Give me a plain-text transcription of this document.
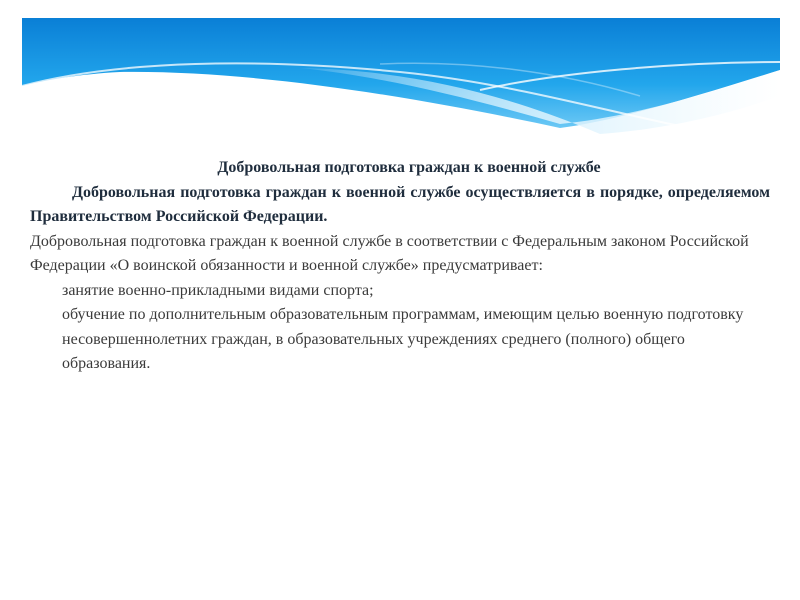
Добровольная подготовка граждан к военной службе

Добровольная подготовка граждан к военной службе осуществляется в порядке, определяемом Правительством Российской Федерации.

Добровольная подготовка граждан к военной службе в соответствии с Федеральным законом Российской Федерации «О воинской обязанности и военной службе» предусматривает:

занятие военно-прикладными видами спорта;
обучение по дополнительным образовательным программам, имеющим целью военную подготовку несовершеннолетних граждан, в образовательных учреждениях среднего (полного) общего образования.
